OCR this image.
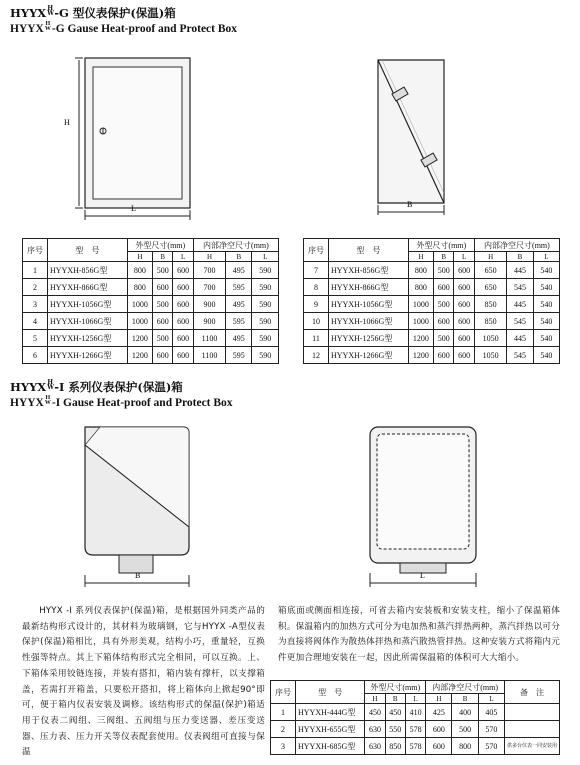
$HYYX^{H W}-G$ 型仪表保护(保温)箱
HYYX $^{H W}$-G Gause Heat-proof and Protect Box
H
L	B
序号	型　号	外型尺寸(mm)			内部净空尺寸(mm)		
		H	B	L	H	B	L
1	HYYXH-856G型	800	500	600	700	495	590
2	HYYXH-866G型	800	600	600	700	595	590
3	HYYXH-1056G型	1000	500	600	900	495	590
4	HYYXH-1066G型	1000	600	600	900	595	590
5	HYYXH-1256G型	1200	500	600	1100	495	590
6	HYYXH-1266G型	1200	600	600	1100	595	590
序号	型　号	外型尺寸(mm)			内部净空尺寸(mm)		
		H	B	L	H	B	L
7	HYYXH-856G型	800	500	600	650	445	540
8	HYYXH-866G型	800	600	600	650	545	540
9	HYYXH-1056G型	1000	500	600	850	445	540
10	HYYXH-1066G型	1000	600	600	850	545	540
11	HYYXH-1256G型	1200	500	600	1050	445	540
12	HYYXH-1266G型	1200	600	600	1050	545	540
$HYYX^{H W}-I$ 系列仪表保护(保温)箱
HYYX $^{H W}$-I Gause Heat-proof and Protect Box
B	L
HYYX -I 系列仪表保护(保温)箱，是根据国外同类产品的最新结构形式设计的，其材料为玻璃钢，它与HYYX -A型仪表保护(保温)箱相比，具有外形美观，结构小巧，重量轻，互换性强等特点。其上下箱体结构形式完全相同，可以互换。上、下箱体采用铰链连接，并装有搭扣，箱内装有撑杆，以支撑箱盖，若需打开箱盖，只要松开搭扣，将上箱体向上掀起90°即可，便于箱内仪表安装及调修。该结构形式的保温(保护)箱适用于仪表二阀组、三阀组、五阀组与压力变送器、差压变送器、压力表、压力开关等仪表配套使用。仪表阀组可直接与保温
箱底面或侧面相连接，可省去箱内安装板和安装支柱，缩小了保温箱体积。保温箱内的加热方式可分为电加热和蒸汽拌热两种，蒸汽拌热以可分为直接将阀体作为散热体拌热和蒸汽散热管拌热。这种安装方式将箱内元件更加合理地安装在一起，因此所需保温箱的体积可大大缩小。
序号	型　号	外型尺寸(mm)			内部净空尺寸(mm)			备　注
		H	B	L	H	B	L	
1	HYYXH-444G型	450	450	410	425	400	405	
2	HYYXH-655G型	630	550	578	600	500	570	
3	HYYXH-685G型	630	850	578	600	800	570	供多台仪表一同安装用
